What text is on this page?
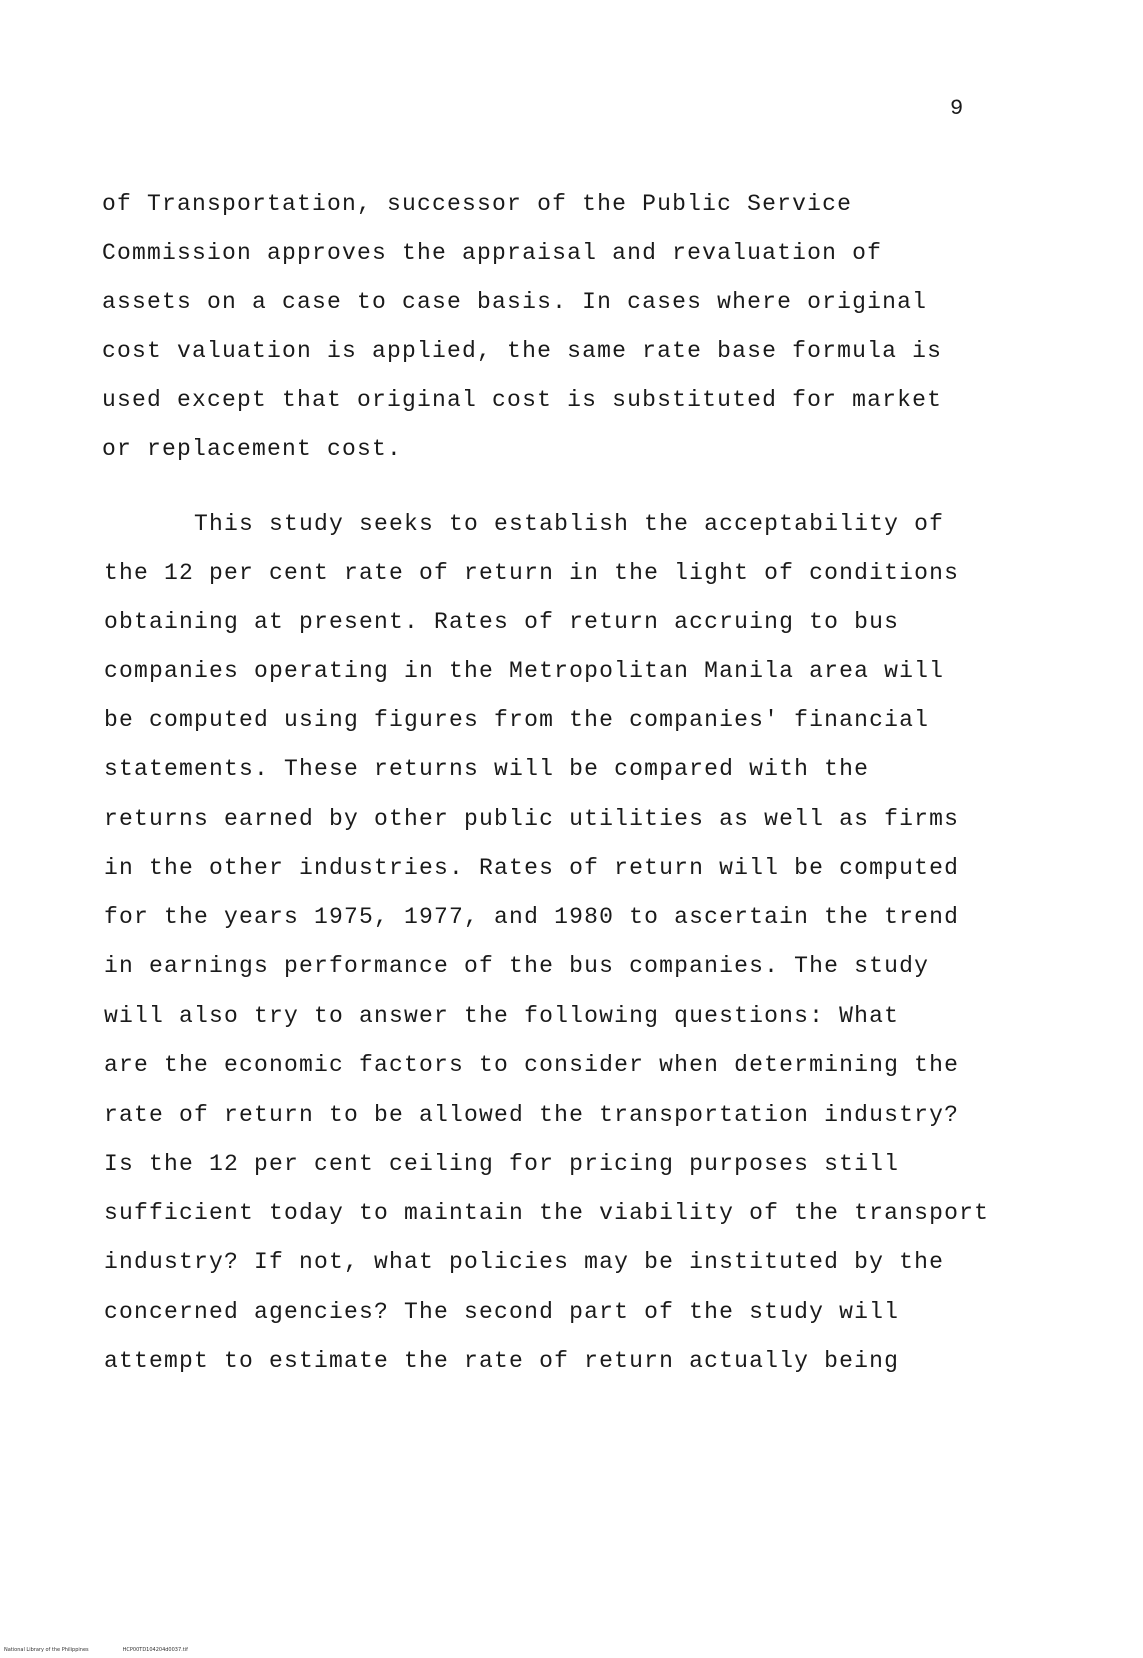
9
of Transportation, successor of the Public Service
Commission approves the appraisal and revaluation of
assets on a case to case basis. In cases where original
cost valuation is applied, the same rate base formula is
used except that original cost is substituted for market
or replacement cost.
This study seeks to establish the acceptability of
the 12 per cent rate of return in the light of conditions
obtaining at present. Rates of return accruing to bus
companies operating in the Metropolitan Manila area will
be computed using figures from the companies' financial
statements. These returns will be compared with the
returns earned by other public utilities as well as firms
in the other industries. Rates of return will be computed
for the years 1975, 1977, and 1980 to ascertain the trend
in earnings performance of the bus companies. The study
will also try to answer the following questions: What
are the economic factors to consider when determining the
rate of return to be allowed the transportation industry?
Is the 12 per cent ceiling for pricing purposes still
sufficient today to maintain the viability of the transport
industry? If not, what policies may be instituted by the
concerned agencies? The second part of the study will
attempt to estimate the rate of return actually being
National Library of the Philippines	HCP00TD104204d0037.tif
